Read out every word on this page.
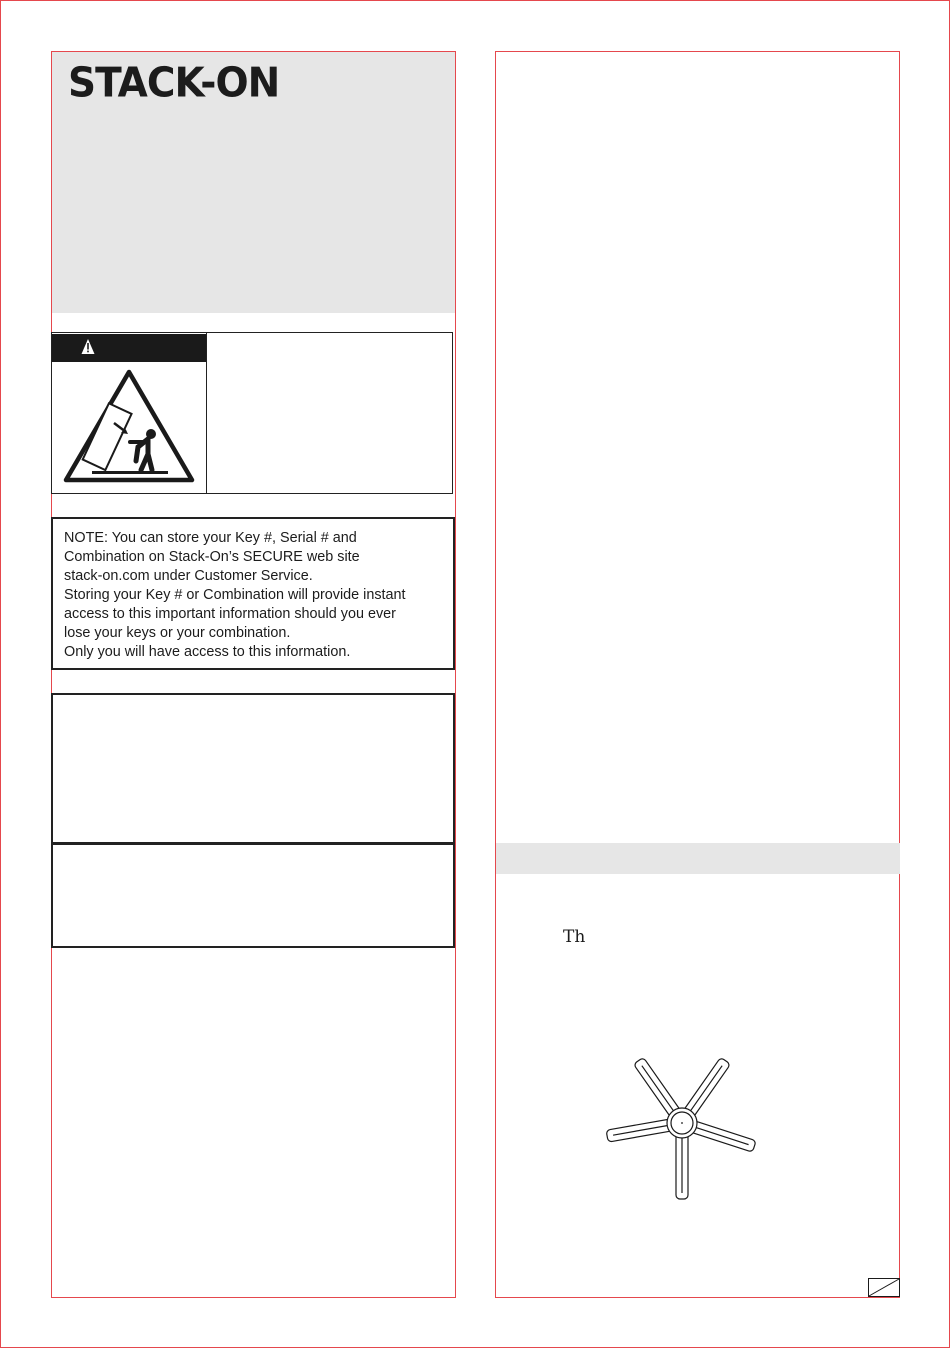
STACK-ON

NOTE: You can store your Key #, Serial # and

Combination on Stack-On’s SECURE web site

stack-on.com under Customer Service.

Storing your Key # or Combination will provide instant

access to this important information should you ever

lose your keys or your combination.

Only you will have access to this information.

Th
